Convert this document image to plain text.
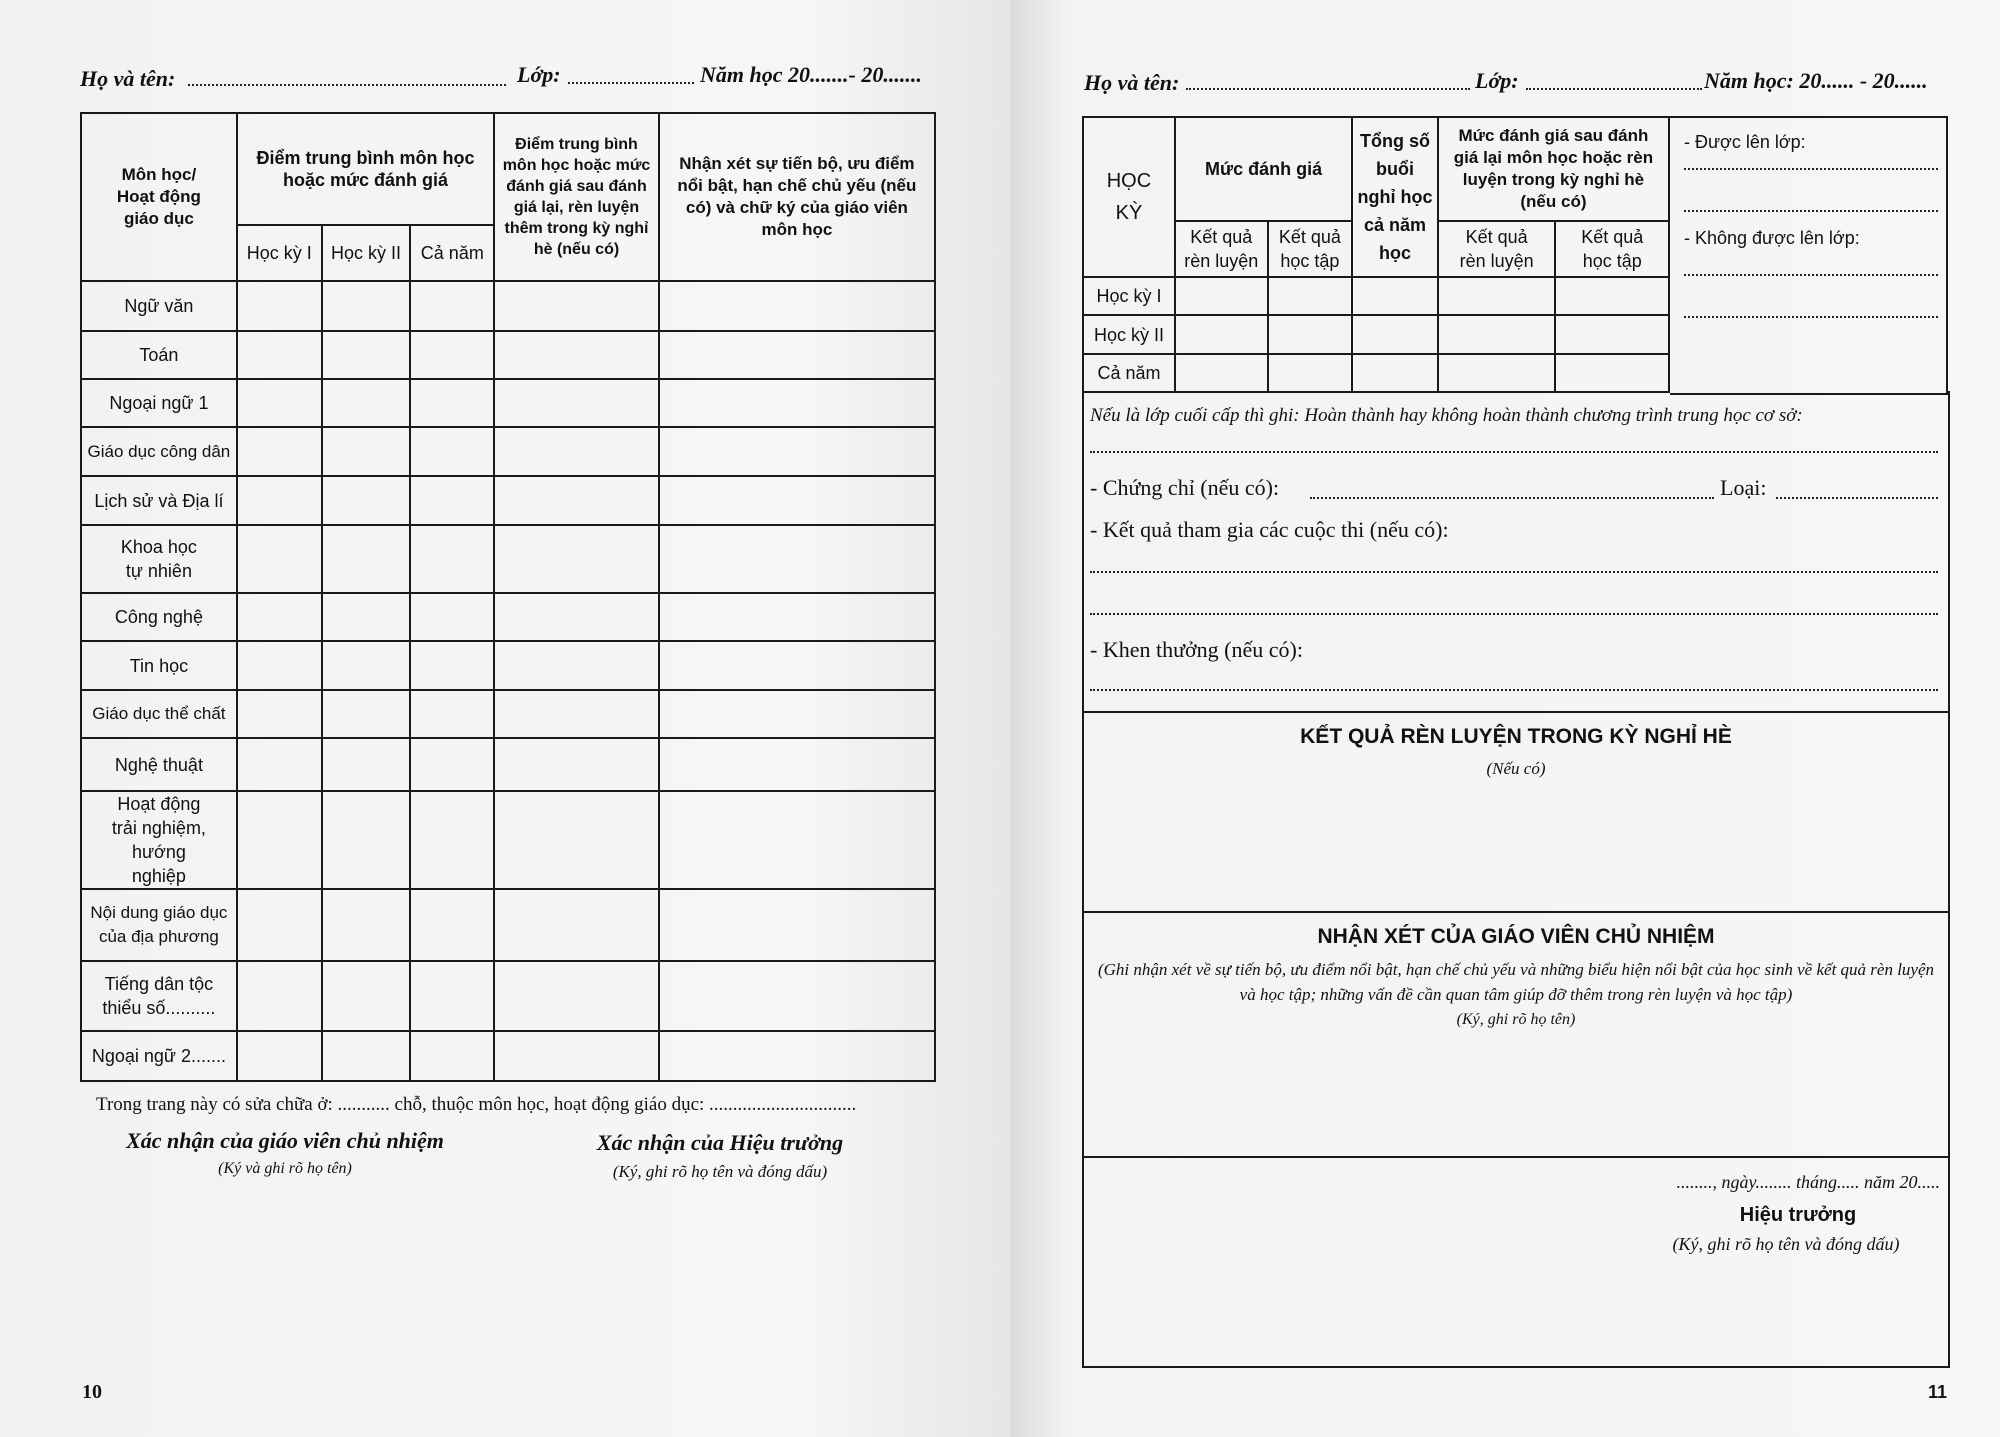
Họ và tên:	Lớp:	Năm học 20.......- 20.......
Môn học/ Hoạt động giáo dục	Điểm trung bình môn học hoặc mức đánh giá			Điểm trung bình môn học hoặc mức đánh giá sau đánh giá lại, rèn luyện thêm trong kỳ nghỉ hè (nếu có)	Nhận xét sự tiến bộ, ưu điểm nổi bật, hạn chế chủ yếu (nếu có) và chữ ký của giáo viên môn học
	Học kỳ I	Học kỳ II	Cả năm		
Ngữ văn					
Toán					
Ngoại ngữ 1					
Giáo dục công dân					
Lịch sử và Địa lí					
Khoa học tự nhiên					
Công nghệ					
Tin học					
Giáo dục thể chất					
Nghệ thuật					
Hoạt động trải nghiệm, hướng nghiệp					
Nội dung giáo dục của địa phương					
Tiếng dân tộc thiểu số..........					
Ngoại ngữ 2.......					
Trong trang này có sửa chữa ở: ........... chỗ, thuộc môn học, hoạt động giáo dục: ...............................
Xác nhận của giáo viên chủ nhiệm
(Ký và ghi rõ họ tên)
Xác nhận của Hiệu trưởng
(Ký, ghi rõ họ tên và đóng dấu)
10
Họ và tên:	Lớp:	Năm học: 20...... - 20......
HỌC KỲ	Mức đánh giá		Tổng số buổi nghỉ học cả năm học	Mức đánh giá sau đánh giá lại môn học hoặc rèn luyện trong kỳ nghỉ hè (nếu có)	
	Kết quả rèn luyện	Kết quả học tập		Kết quả rèn luyện	Kết quả học tập
Học kỳ I					
Học kỳ II					
Cả năm					
- Được lên lớp:
- Không được lên lớp:
Nếu là lớp cuối cấp thì ghi: Hoàn thành hay không hoàn thành chương trình trung học cơ sở:
- Chứng chỉ (nếu có):	Loại:
- Kết quả tham gia các cuộc thi (nếu có):
- Khen thưởng (nếu có):
KẾT QUẢ RÈN LUYỆN TRONG KỲ NGHỈ HÈ
(Nếu có)
NHẬN XÉT CỦA GIÁO VIÊN CHỦ NHIỆM
(Ghi nhận xét về sự tiến bộ, ưu điểm nổi bật, hạn chế chủ yếu và những biểu hiện nổi bật của học sinh về kết quả rèn luyện và học tập; những vấn đề cần quan tâm giúp đỡ thêm trong rèn luyện và học tập)
(Ký, ghi rõ họ tên)
........, ngày........ tháng..... năm 20.....
Hiệu trưởng
(Ký, ghi rõ họ tên và đóng dấu)
11
